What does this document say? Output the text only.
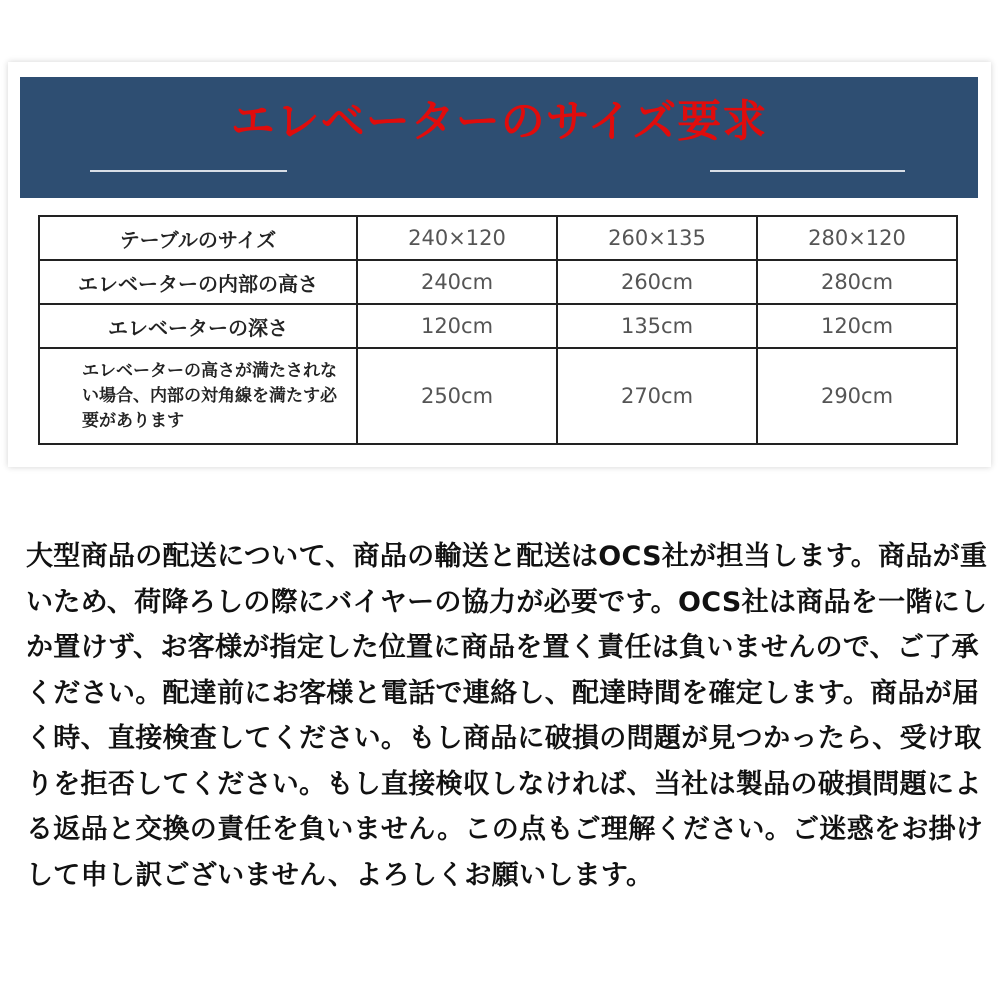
エレベーターのサイズ要求
テーブルのサイズ	240×120	260×135	280×120
エレベーターの内部の高さ	240cm	260cm	280cm
エレベーターの深さ	120cm	135cm	120cm
エレベーターの高さが満たされない場合、内部の対角線を満たす必要があります	250cm	270cm	290cm
大型商品の配送について、商品の輸送と配送はOCS社が担当します。商品が重いため、荷降ろしの際にバイヤーの協力が必要です。OCS社は商品を一階にしか置けず、お客様が指定した位置に商品を置く責任は負いませんので、ご了承ください。配達前にお客様と電話で連絡し、配達時間を確定します。商品が届く時、直接検査してください。もし商品に破損の問題が見つかったら、受け取りを拒否してください。もし直接検収しなければ、当社は製品の破損問題による返品と交換の責任を負いません。この点もご理解ください。ご迷惑をお掛けして申し訳ございません、よろしくお願いします。
